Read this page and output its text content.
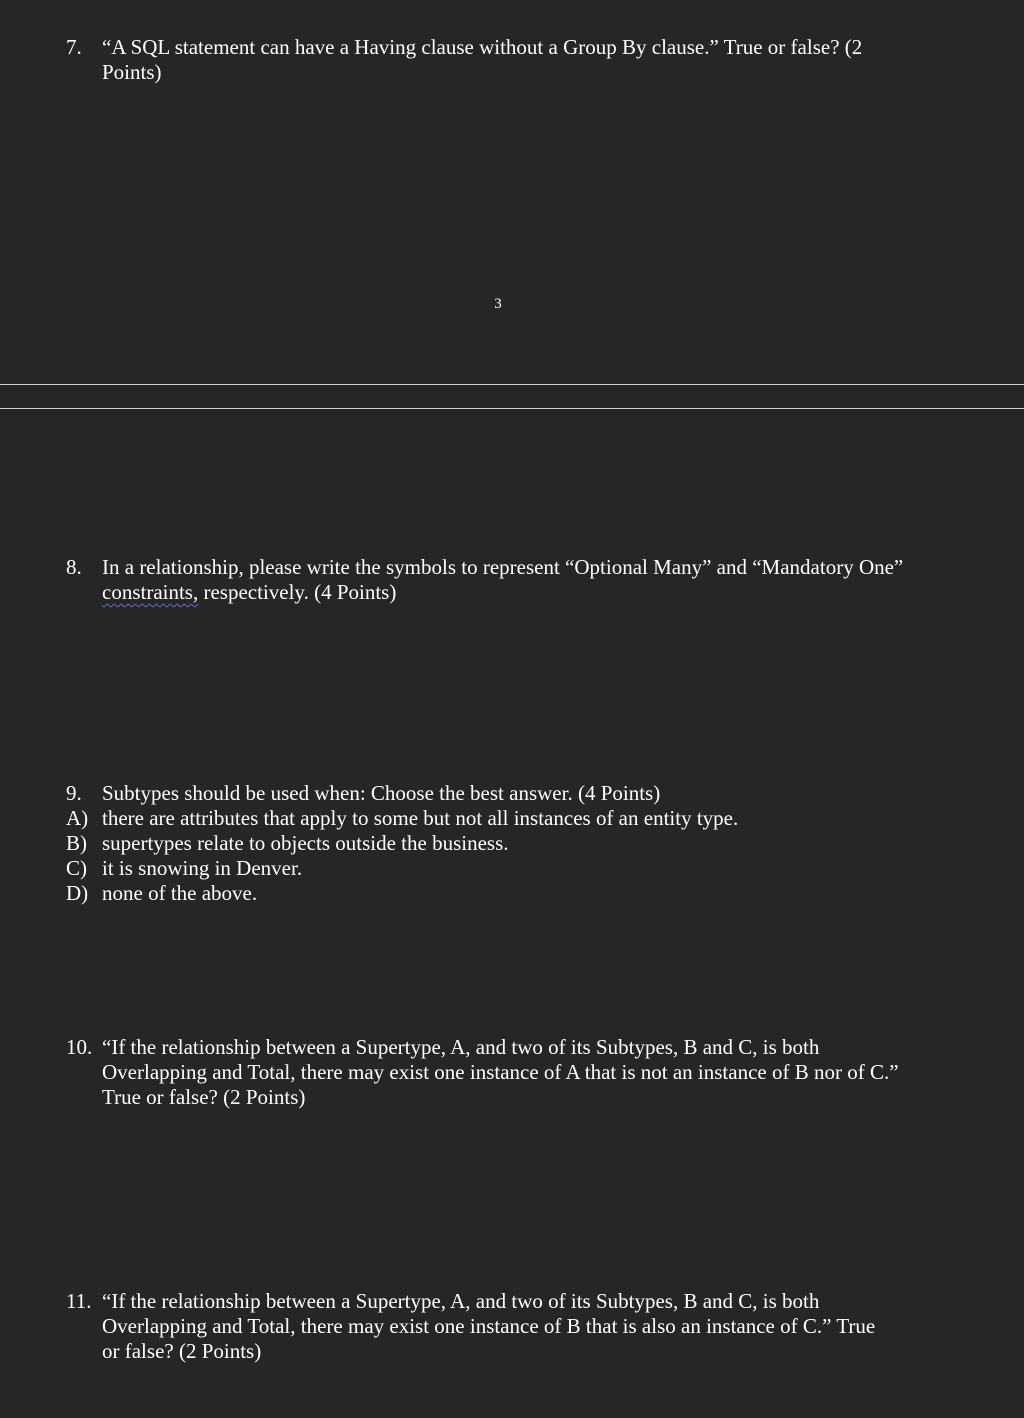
7. “A SQL statement can have a Having clause without a Group By clause.” True or false? (2
Points)
3
8. In a relationship, please write the symbols to represent “Optional Many” and “Mandatory One”
constraints, respectively. (4 Points)
9. Subtypes should be used when: Choose the best answer. (4 Points)
A) there are attributes that apply to some but not all instances of an entity type.
B) supertypes relate to objects outside the business.
C) it is snowing in Denver.
D) none of the above.
10. “If the relationship between a Supertype, A, and two of its Subtypes, B and C, is both
Overlapping and Total, there may exist one instance of A that is not an instance of B nor of C.”
True or false? (2 Points)
11. “If the relationship between a Supertype, A, and two of its Subtypes, B and C, is both
Overlapping and Total, there may exist one instance of B that is also an instance of C.” True
or false? (2 Points)
